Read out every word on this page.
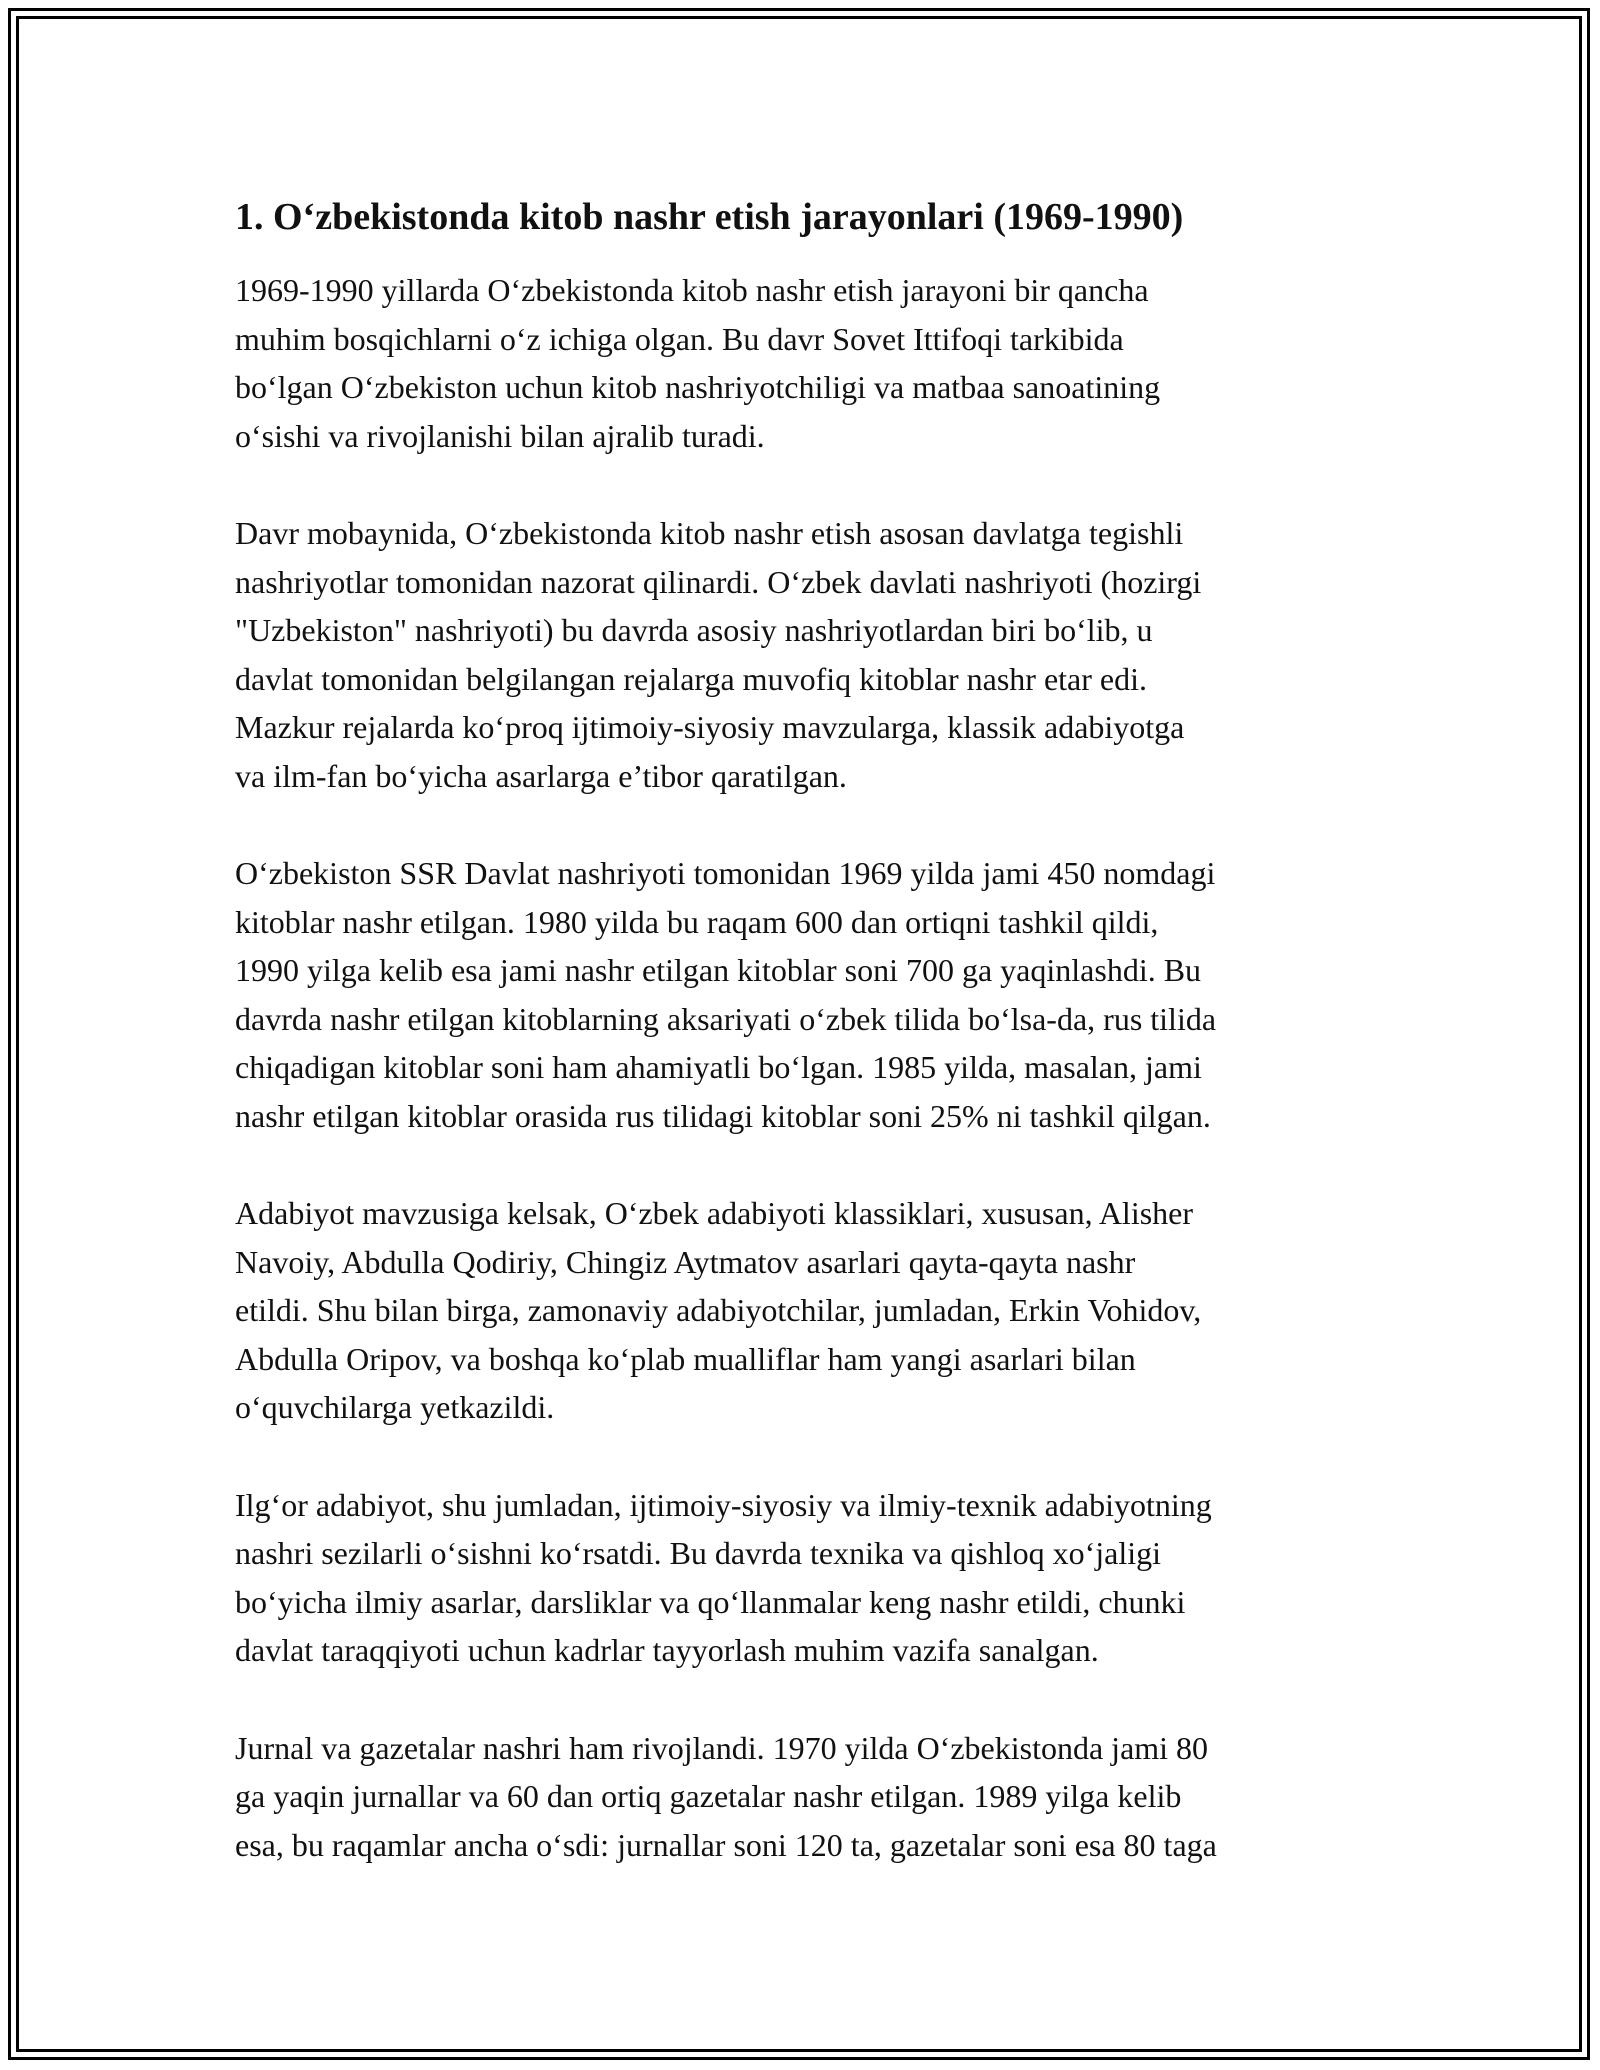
1. O‘zbekistonda kitob nashr etish jarayonlari (1969-1990)
1969-1990 yillarda O‘zbekistonda kitob nashr etish jarayoni bir qancha
muhim bosqichlarni o‘z ichiga olgan. Bu davr Sovet Ittifoqi tarkibida
bo‘lgan O‘zbekiston uchun kitob nashriyotchiligi va matbaa sanoatining
o‘sishi va rivojlanishi bilan ajralib turadi.
Davr mobaynida, O‘zbekistonda kitob nashr etish asosan davlatga tegishli
nashriyotlar tomonidan nazorat qilinardi. O‘zbek davlati nashriyoti (hozirgi
"Uzbekiston" nashriyoti) bu davrda asosiy nashriyotlardan biri bo‘lib, u
davlat tomonidan belgilangan rejalarga muvofiq kitoblar nashr etar edi.
Mazkur rejalarda ko‘proq ijtimoiy-siyosiy mavzularga, klassik adabiyotga
va ilm-fan bo‘yicha asarlarga e’tibor qaratilgan.
O‘zbekiston SSR Davlat nashriyoti tomonidan 1969 yilda jami 450 nomdagi
kitoblar nashr etilgan. 1980 yilda bu raqam 600 dan ortiqni tashkil qildi,
1990 yilga kelib esa jami nashr etilgan kitoblar soni 700 ga yaqinlashdi. Bu
davrda nashr etilgan kitoblarning aksariyati o‘zbek tilida bo‘lsa-da, rus tilida
chiqadigan kitoblar soni ham ahamiyatli bo‘lgan. 1985 yilda, masalan, jami
nashr etilgan kitoblar orasida rus tilidagi kitoblar soni 25% ni tashkil qilgan.
Adabiyot mavzusiga kelsak, O‘zbek adabiyoti klassiklari, xususan, Alisher
Navoiy, Abdulla Qodiriy, Chingiz Aytmatov asarlari qayta-qayta nashr
etildi. Shu bilan birga, zamonaviy adabiyotchilar, jumladan, Erkin Vohidov,
Abdulla Oripov, va boshqa ko‘plab mualliflar ham yangi asarlari bilan
o‘quvchilarga yetkazildi.
Ilg‘or adabiyot, shu jumladan, ijtimoiy-siyosiy va ilmiy-texnik adabiyotning
nashri sezilarli o‘sishni ko‘rsatdi. Bu davrda texnika va qishloq xo‘jaligi
bo‘yicha ilmiy asarlar, darsliklar va qo‘llanmalar keng nashr etildi, chunki
davlat taraqqiyoti uchun kadrlar tayyorlash muhim vazifa sanalgan.
Jurnal va gazetalar nashri ham rivojlandi. 1970 yilda O‘zbekistonda jami 80
ga yaqin jurnallar va 60 dan ortiq gazetalar nashr etilgan. 1989 yilga kelib
esa, bu raqamlar ancha o‘sdi: jurnallar soni 120 ta, gazetalar soni esa 80 taga
